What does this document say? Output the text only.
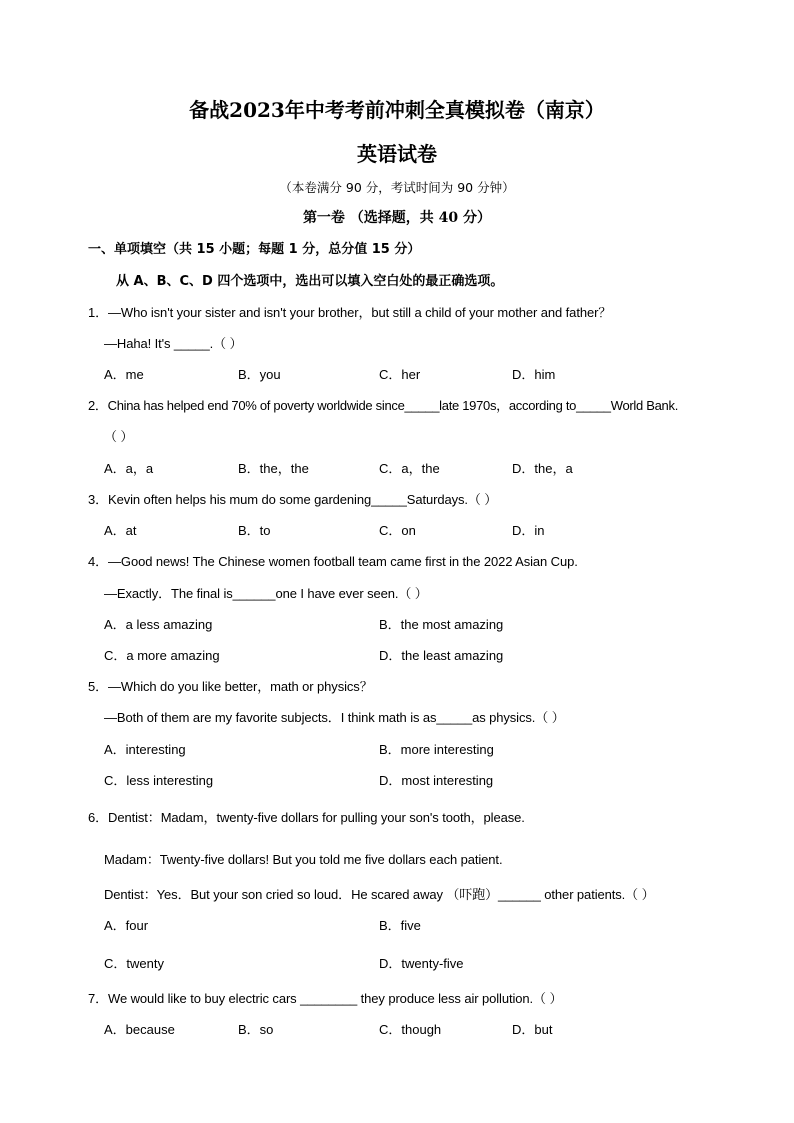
备战2023年中考考前冲刺全真模拟卷（南京）
英语试卷
（本卷满分 90 分，考试时间为 90 分钟）
第一卷 （选择题，共 40 分）
一、单项填空（共 15 小题；每题 1 分，总分值 15 分）
从 A、B、C、D 四个选项中，选出可以填入空白处的最正确选项。
1．—Who isn't your sister and isn't your brother，but still a child of your mother and father？
—Haha! It's _____.（ ）
A．me	B．you	C．her	D．him
2．China has helped end 70% of poverty worldwide since_____late 1970s，according to_____World Bank.
（ ）
A．a，a	B．the，the	C．a，the	D．the，a
3．Kevin often helps his mum do some gardening_____Saturdays.（ ）
A．at	B．to	C．on	D．in
4．—Good news! The Chinese women football team came first in the 2022 Asian Cup.
—Exactly．The final is______one I have ever seen.（ ）
A．a less amazing	B．the most amazing
C．a more amazing	D．the least amazing
5．—Which do you like better，math or physics？
—Both of them are my favorite subjects．I think math is as_____as physics.（ ）
A．interesting	B．more interesting
C．less interesting	D．most interesting
6．Dentist：Madam，twenty-five dollars for pulling your son's tooth，please.
Madam：Twenty-five dollars! But you told me five dollars each patient.
Dentist：Yes．But your son cried so loud．He scared away （吓跑）______ other patients.（ ）
A．four	B．five
C．twenty	D．twenty-five
7．We would like to buy electric cars ________ they produce less air pollution.（ ）
A．because	B．so	C．though	D．but
